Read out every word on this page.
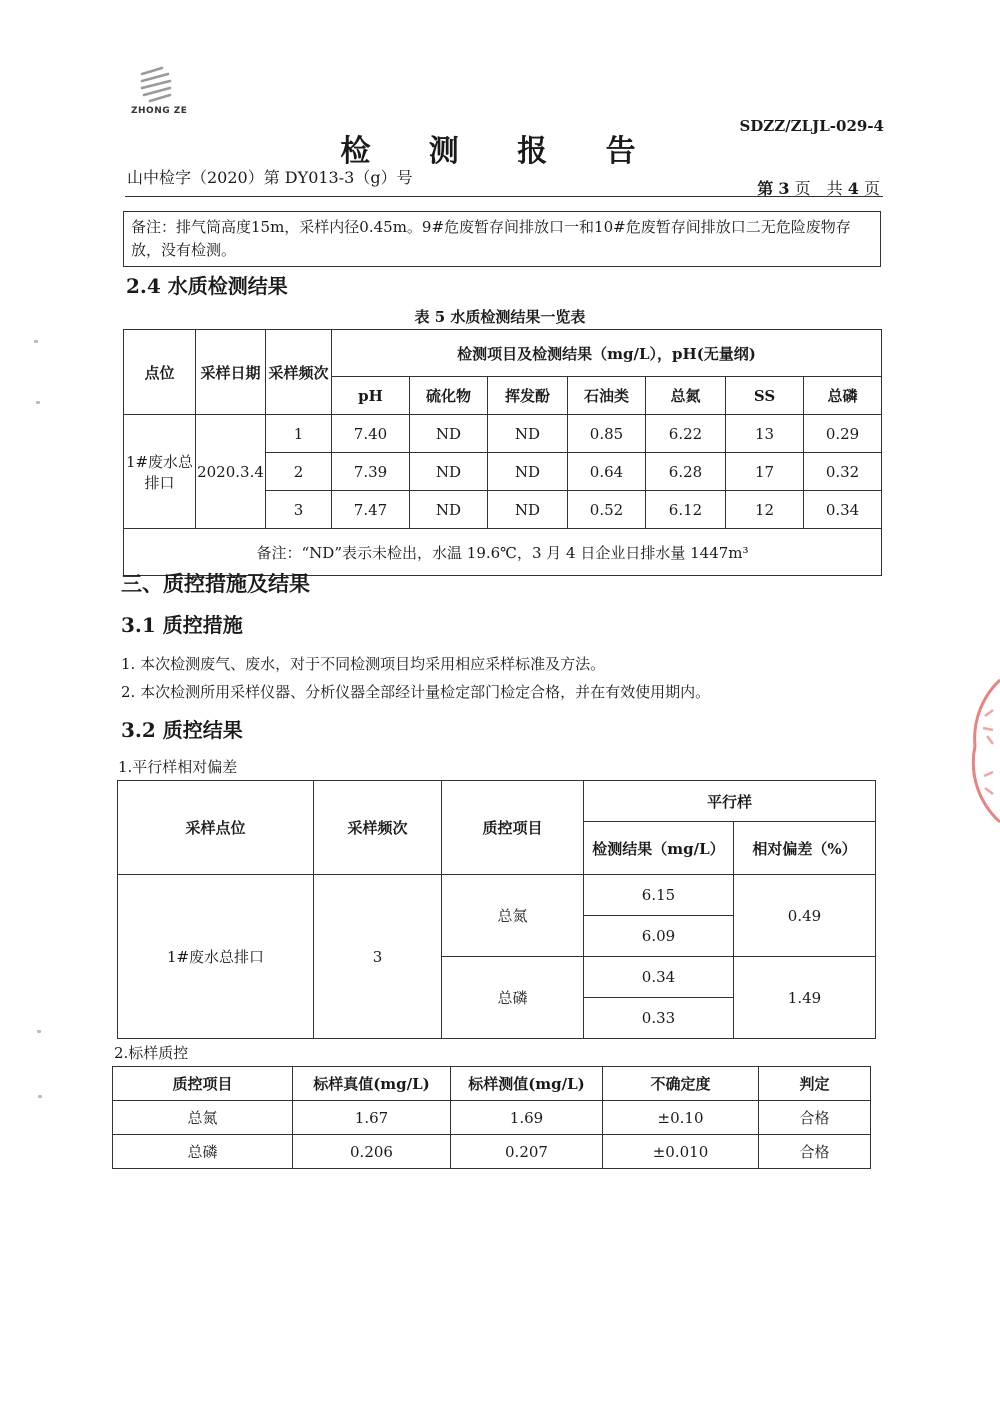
ZHONG ZE
SDZZ/ZLJL-029-4
检 测 报 告
山中检字（2020）第 DY013-3（g）号
第 3 页　共 4 页
备注：排气筒高度15m，采样内径0.45m。9#危废暂存间排放口一和10#危废暂存间排放口二无危险废物存放，没有检测。
2.4 水质检测结果
表 5 水质检测结果一览表
点位	采样日期	采样频次	检测项目及检测结果（mg/L），pH(无量纲)						
			pH	硫化物	挥发酚	石油类	总氮	SS	总磷
1#废水总排口	2020.3.4	1	7.40	ND	ND	0.85	6.22	13	0.29
		2	7.39	ND	ND	0.64	6.28	17	0.32
		3	7.47	ND	ND	0.52	6.12	12	0.34
备注：“ND”表示未检出，水温 19.6℃，3 月 4 日企业日排水量 1447m³									
三、质控措施及结果
3.1 质控措施
1. 本次检测废气、废水，对于不同检测项目均采用相应采样标准及方法。
2. 本次检测所用采样仪器、分析仪器全部经计量检定部门检定合格，并在有效使用期内。
3.2 质控结果
1.平行样相对偏差
采样点位	采样频次	质控项目	平行样	
			检测结果（mg/L）	相对偏差（%）
1#废水总排口	3	总氮	6.15	0.49
			6.09	
		总磷	0.34	1.49
			0.33	
2.标样质控
质控项目	标样真值(mg/L)	标样测值(mg/L)	不确定度	判定
总氮	1.67	1.69	±0.10	合格
总磷	0.206	0.207	±0.010	合格
